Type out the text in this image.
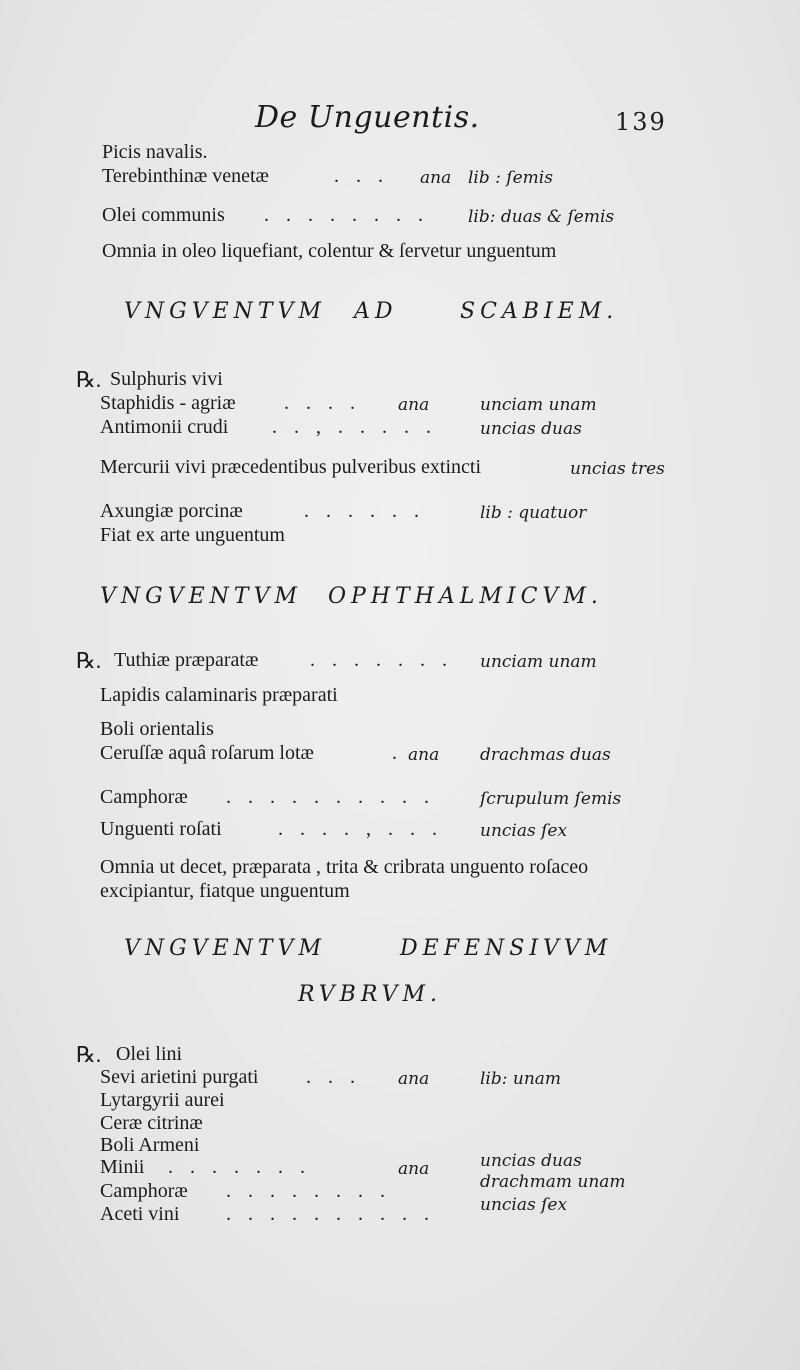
De Unguentis.	139
Picis navalis.
Terebinthinæ venetæ	. . . ana lib : ſemis
Olei communis . . . . . . . . lib: duas & ſemis
Omnia in oleo liquefiant, colentur & ſervetur unguentum
VNGVENTVM AD	SCABIEM.
℞. Sulphuris vivi
Staphidis - agriæ . . . . ana	unciam unam
Antimonii crudi . . , . . . . .	uncias duas
Mercurii vivi præcedentibus pulveribus extincti	uncias tres
Axungiæ porcinæ	. . . . . .	lib : quatuor
Fiat ex arte unguentum
VNGVENTVM OPHTHALMICVM.
℞. Tuthiæ præparatæ	. . . . . . . unciam unam
Lapidis calaminaris præparati
Boli orientalis
Ceruſſæ aquâ roſarum lotæ	. ana drachmas duas
Camphoræ . . . . . . . . . .	ſcrupulum ſemis
Unguenti roſati	. . . . , . . . uncias ſex
Omnia ut decet, præparata , trita & cribrata unguento roſaceo
excipiantur, fiatque unguentum
VNGVENTVM	DEFENSIVVM
RVBRVM.
℞. Olei lini
Sevi arietini purgati . . . ana	lib: unam
Lytargyrii aurei
Ceræ citrinæ
Boli Armeni
Minii . . . . . . .	ana	uncias duas
Camphoræ . . . . . . . .	drachmam unam
Aceti vini . . . . . . . . . .	uncias ſex
